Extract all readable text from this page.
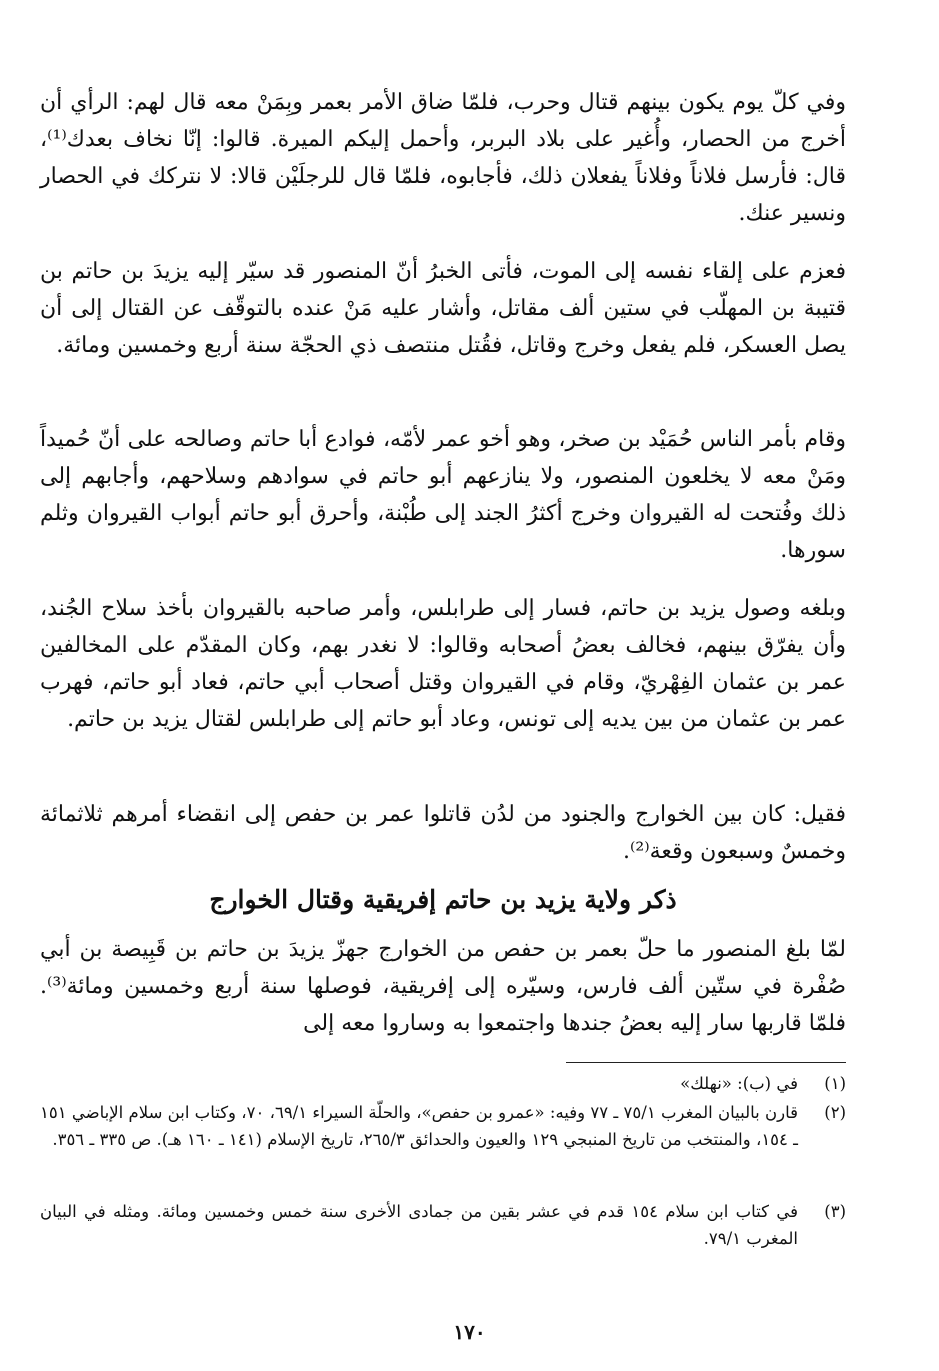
وفي كلّ يوم يكون بينهم قتال وحرب، فلمّا ضاق الأمر بعمر وبِمَنْ معه قال لهم: الرأي أن أخرج من الحصار، وأُغير على بلاد البربر، وأحمل إليكم الميرة. قالوا: إنّا نخاف بعدك⁽¹⁾، قال: فأرسل فلاناً وفلاناً يفعلان ذلك، فأجابوه، فلمّا قال للرجلَيْن قالا: لا نتركك في الحصار ونسير عنك.

فعزم على إلقاء نفسه إلى الموت، فأتى الخبرُ أنّ المنصور قد سيّر إليه يزيدَ بن حاتم بن قتيبة بن المهلّب في ستين ألف مقاتل، وأشار عليه مَنْ عنده بالتوقّف عن القتال إلى أن يصل العسكر، فلم يفعل وخرج وقاتل، فقُتل منتصف ذي الحجّة سنة أربع وخمسين ومائة.

وقام بأمر الناس حُمَيْد بن صخر، وهو أخو عمر لأمّه، فوادع أبا حاتم وصالحه على أنّ حُميداً ومَنْ معه لا يخلعون المنصور، ولا ينازعهم أبو حاتم في سوادهم وسلاحهم، وأجابهم إلى ذلك وفُتحت له القيروان وخرج أكثرُ الجند إلى طُبْنة، وأحرق أبو حاتم أبواب القيروان وثلم سورها.

وبلغه وصول يزيد بن حاتم، فسار إلى طرابلس، وأمر صاحبه بالقيروان بأخذ سلاح الجُند، وأن يفرّق بينهم، فخالف بعضُ أصحابه وقالوا: لا نغدر بهم، وكان المقدّم على المخالفين عمر بن عثمان الفِهْريّ، وقام في القيروان وقتل أصحاب أبي حاتم، فعاد أبو حاتم، فهرب عمر بن عثمان من بين يديه إلى تونس، وعاد أبو حاتم إلى طرابلس لقتال يزيد بن حاتم.

فقيل: كان بين الخوارج والجنود من لدُن قاتلوا عمر بن حفص إلى انقضاء أمرهم ثلاثمائة وخمسٌ وسبعون وقعة⁽²⁾.

ذكر ولاية يزيد بن حاتم إفريقية وقتال الخوارج

لمّا بلغ المنصور ما حلّ بعمر بن حفص من الخوارج جهزّ يزيدَ بن حاتم بن قَبِيصة بن أبي صُفْرة في ستّين ألف فارس، وسيّره إلى إفريقية، فوصلها سنة أربع وخمسين ومائة⁽³⁾. فلمّا قاربها سار إليه بعضُ جندها واجتمعوا به وساروا معه إلى

(١)
في (ب): «نهلك»
(٢)
قارن بالبيان المغرب ٧٥/١ ـ ٧٧ وفيه: «عمرو بن حفص»، والحلّة السيراء ٦٩/١، ٧٠، وكتاب ابن سلام الإباضي ١٥١ ـ ١٥٤، والمنتخب من تاريخ المنبجي ١٢٩ والعيون والحدائق ٢٦٥/٣، تاريخ الإسلام (١٤١ ـ ١٦٠ هـ). ص ٣٣٥ ـ ٣٥٦.
(٣)
في كتاب ابن سلام ١٥٤ قدم في عشر بقين من جمادى الأخرى سنة خمس وخمسين ومائة. ومثله في البيان المغرب ٧٩/١.
١٧٠
